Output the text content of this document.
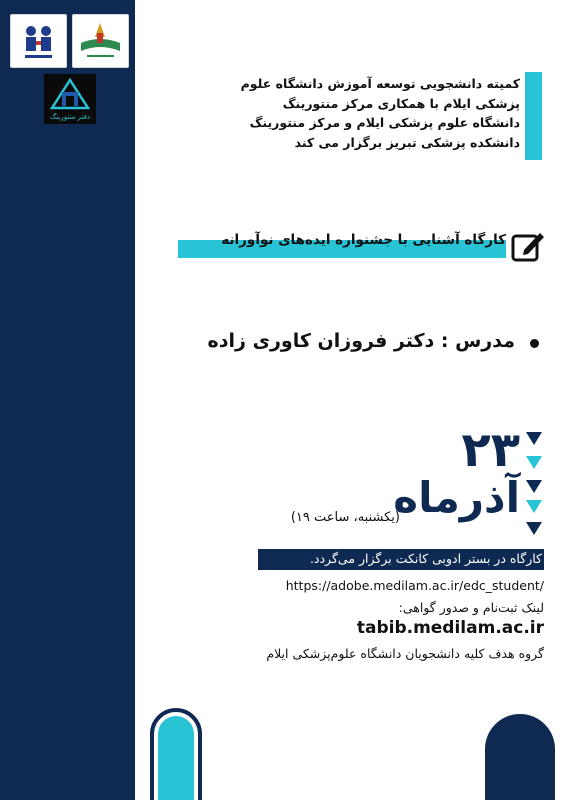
دفتر منتورینگ
کمیته دانشجویی توسعه آموزش دانشگاه علوم
پزشکی ایلام با همکاری مرکز منتورینگ
دانشگاه علوم پزشکی ایلام و مرکز منتورینگ
دانشکده پزشکی تبریز برگزار می کند
کارگاه آشنایی با جشنواره ایده‌های نوآورانه
مدرس : دکتر فروزان کاوری زاده
۲۳
آذرماه
(یکشنبه، ساعت ۱۹)
کارگاه در بستر ادوبی کانکت برگزار می‌گردد.
https://adobe.medilam.ac.ir/edc_student/
لینک ثبت‌نام و صدور گواهی:
tabib.medilam.ac.ir
گروه هدف کلیه دانشجویان دانشگاه علوم‌پزشکی ایلام
